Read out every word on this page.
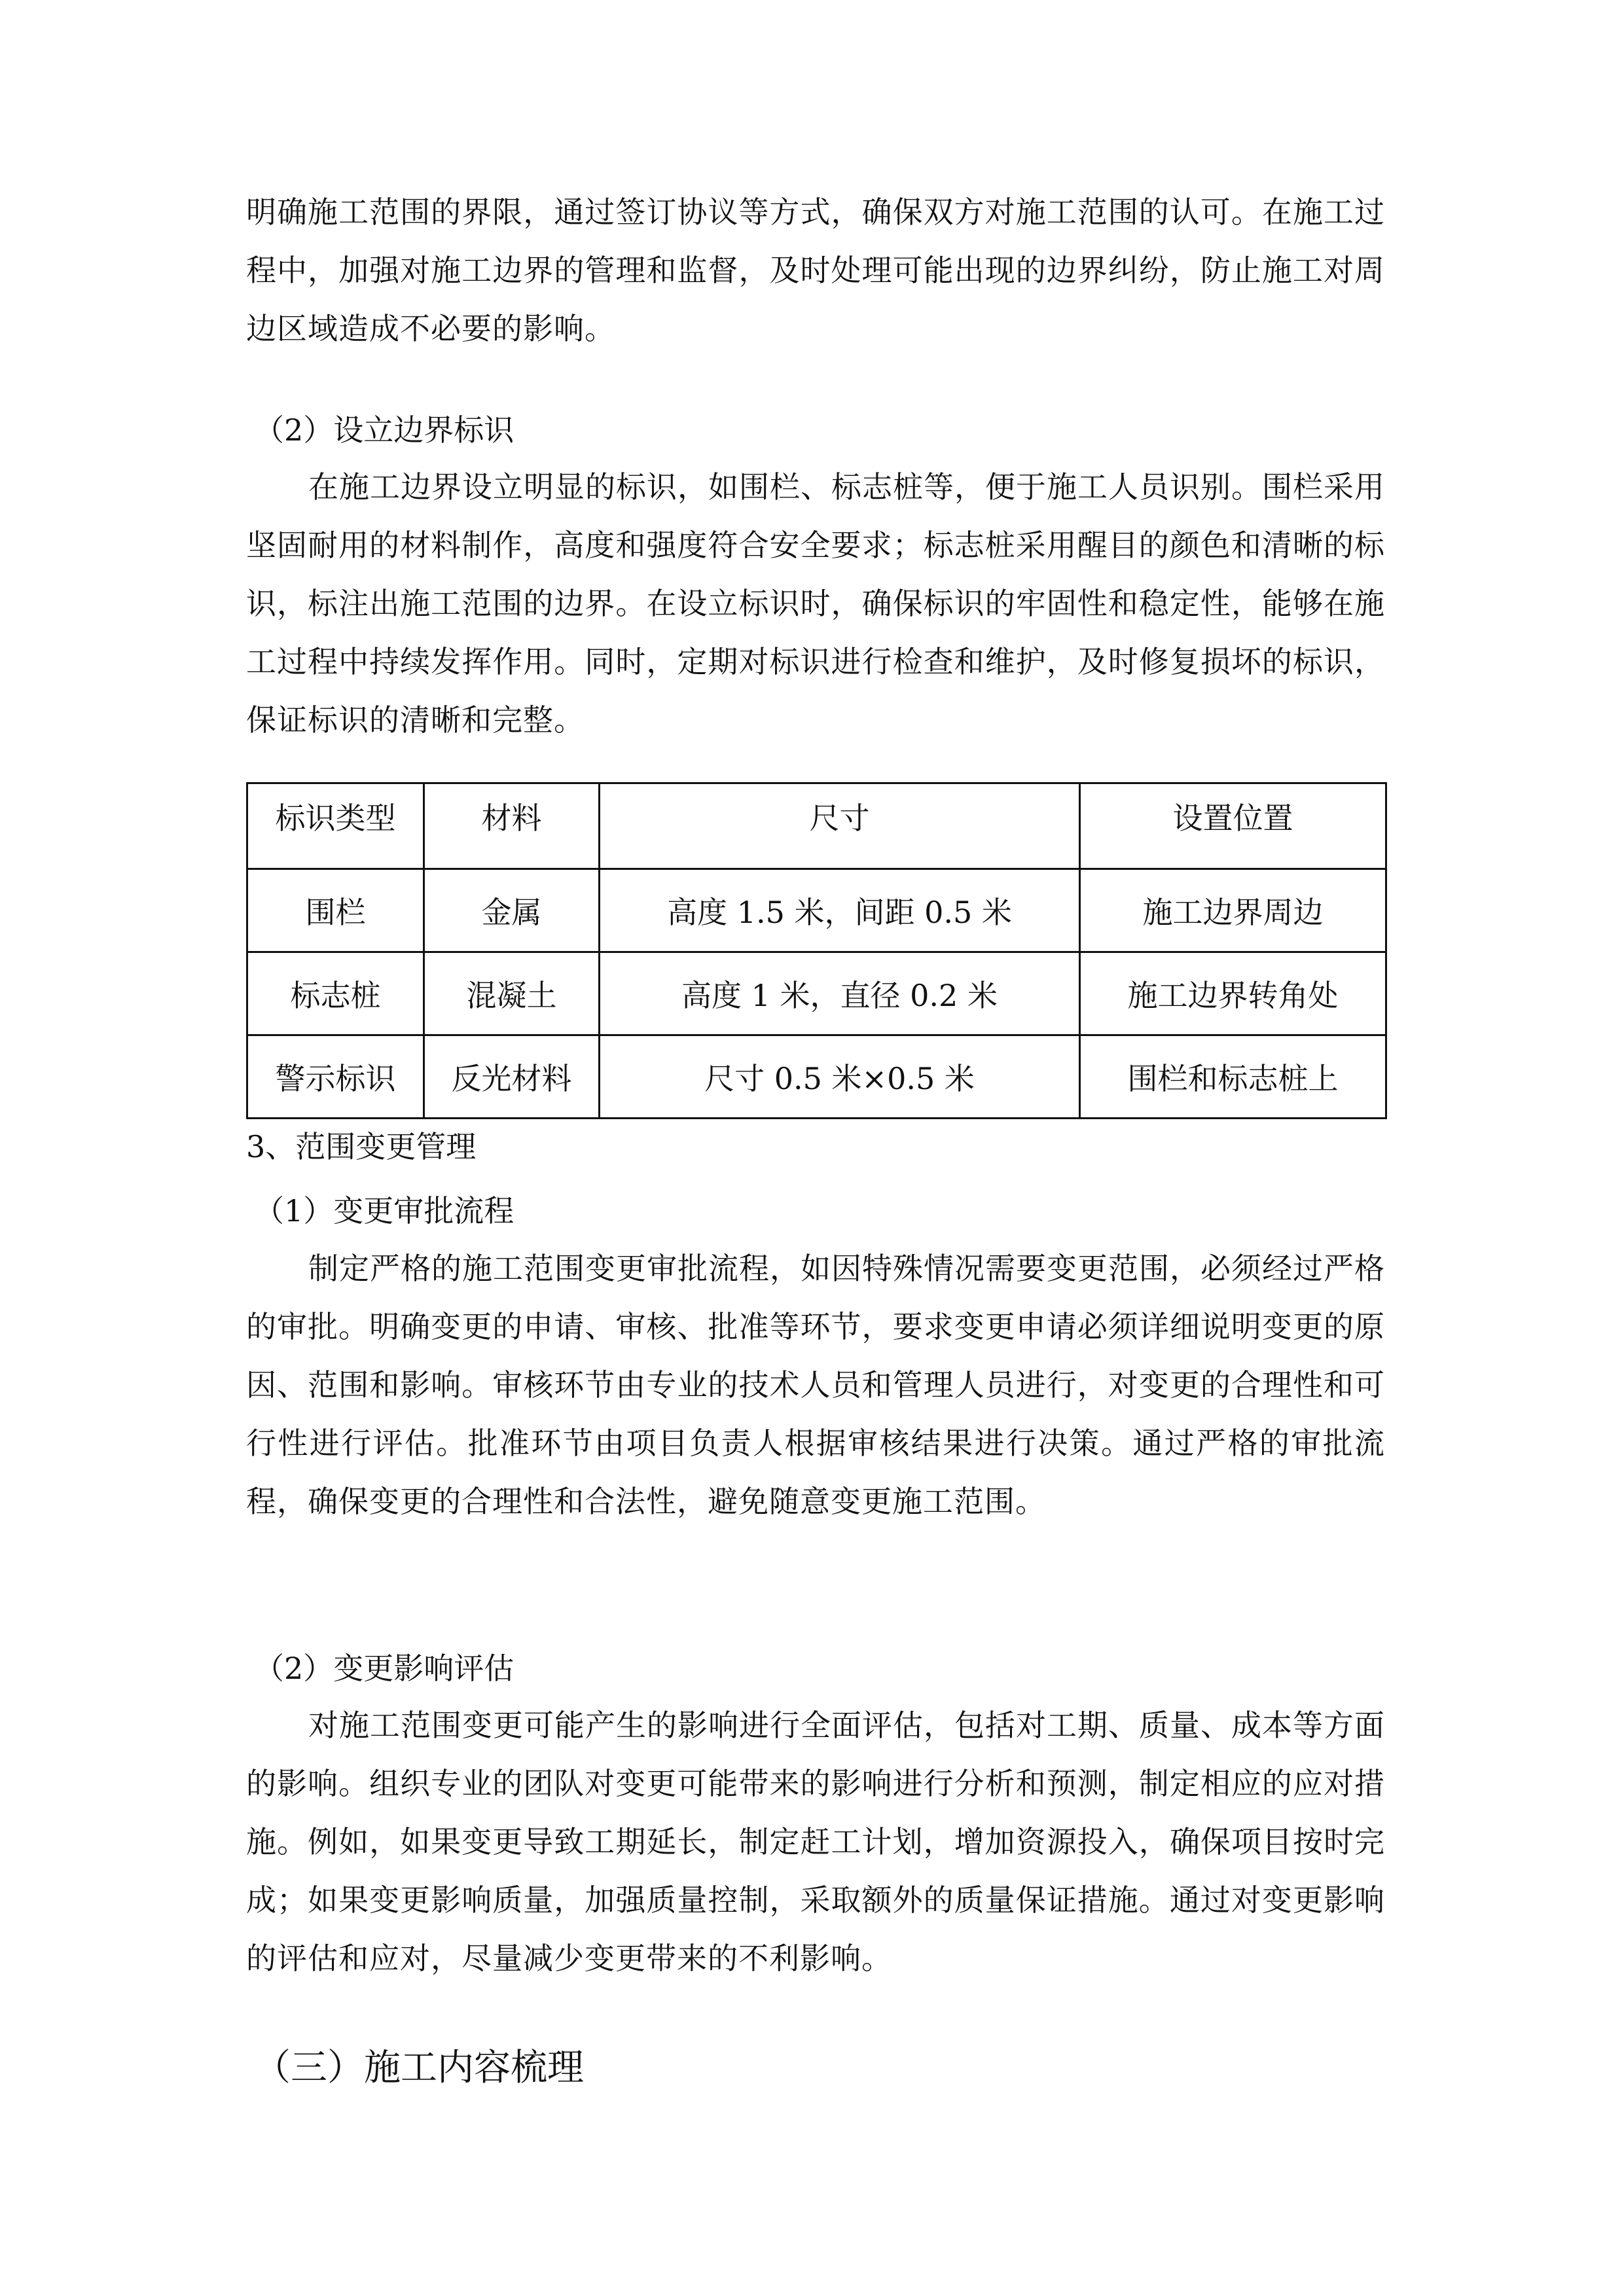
明确施工范围的界限，通过签订协议等方式，确保双方对施工范围的认可。在施工过程中，加强对施工边界的管理和监督，及时处理可能出现的边界纠纷，防止施工对周边区域造成不必要的影响。

（2）设立边界标识

在施工边界设立明显的标识，如围栏、标志桩等，便于施工人员识别。围栏采用坚固耐用的材料制作，高度和强度符合安全要求；标志桩采用醒目的颜色和清晰的标识，标注出施工范围的边界。在设立标识时，确保标识的牢固性和稳定性，能够在施工过程中持续发挥作用。同时，定期对标识进行检查和维护，及时修复损坏的标识，保证标识的清晰和完整。

标识类型	材料	尺寸	设置位置
围栏	金属	高度 1.5 米，间距 0.5 米	施工边界周边
标志桩	混凝土	高度 1 米，直径 0.2 米	施工边界转角处
警示标识	反光材料	尺寸 0.5 米×0.5 米	围栏和标志桩上
3、范围变更管理
（1）变更审批流程

制定严格的施工范围变更审批流程，如因特殊情况需要变更范围，必须经过严格的审批。明确变更的申请、审核、批准等环节，要求变更申请必须详细说明变更的原因、范围和影响。审核环节由专业的技术人员和管理人员进行，对变更的合理性和可行性进行评估。批准环节由项目负责人根据审核结果进行决策。通过严格的审批流程，确保变更的合理性和合法性，避免随意变更施工范围。

（2）变更影响评估

对施工范围变更可能产生的影响进行全面评估，包括对工期、质量、成本等方面的影响。组织专业的团队对变更可能带来的影响进行分析和预测，制定相应的应对措施。例如，如果变更导致工期延长，制定赶工计划，增加资源投入，确保项目按时完成；如果变更影响质量，加强质量控制，采取额外的质量保证措施。通过对变更影响的评估和应对，尽量减少变更带来的不利影响。

（三）施工内容梳理
